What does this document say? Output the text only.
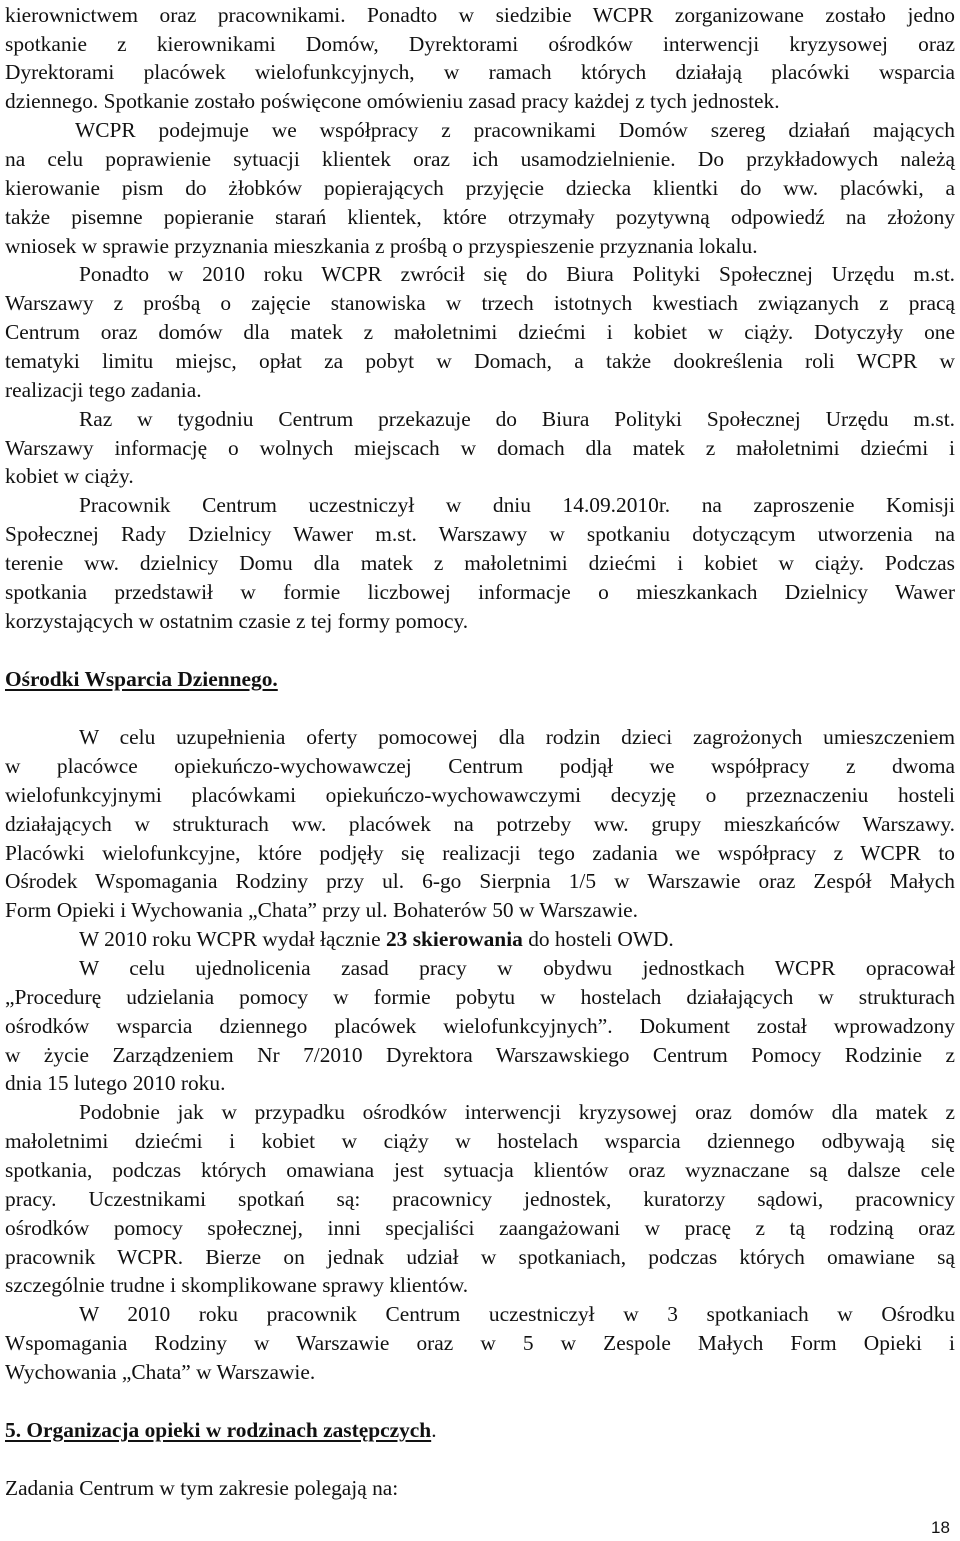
kierownictwem oraz pracownikami. Ponadto w siedzibie WCPR zorganizowane zostało jedno
spotkanie z kierownikami Domów, Dyrektorami ośrodków interwencji kryzysowej oraz
Dyrektorami placówek wielofunkcyjnych, w ramach których działają placówki wsparcia
dziennego. Spotkanie zostało poświęcone omówieniu zasad pracy każdej z tych jednostek.
WCPR podejmuje we współpracy z pracownikami Domów szereg działań mających
na celu poprawienie sytuacji klientek oraz ich usamodzielnienie. Do przykładowych należą
kierowanie pism do żłobków popierających przyjęcie dziecka klientki do ww. placówki, a
także pisemne popieranie starań klientek, które otrzymały pozytywną odpowiedź na złożony
wniosek w sprawie przyznania mieszkania z prośbą o przyspieszenie przyznania lokalu.
Ponadto w 2010 roku WCPR zwrócił się do Biura Polityki Społecznej Urzędu m.st.
Warszawy z prośbą o zajęcie stanowiska w trzech istotnych kwestiach związanych z pracą
Centrum oraz domów dla matek z małoletnimi dziećmi i kobiet w ciąży. Dotyczyły one
tematyki limitu miejsc, opłat za pobyt w Domach, a także dookreślenia roli WCPR w
realizacji tego zadania.
Raz w tygodniu Centrum przekazuje do Biura Polityki Społecznej Urzędu m.st.
Warszawy informację o wolnych miejscach w domach dla matek z małoletnimi dziećmi i
kobiet w ciąży.
Pracownik Centrum uczestniczył w dniu 14.09.2010r. na zaproszenie Komisji
Społecznej Rady Dzielnicy Wawer m.st. Warszawy w spotkaniu dotyczącym utworzenia na
terenie ww. dzielnicy Domu dla matek z małoletnimi dziećmi i kobiet w ciąży. Podczas
spotkania przedstawił w formie liczbowej informacje o mieszkankach Dzielnicy Wawer
korzystających w ostatnim czasie z tej formy pomocy.
Ośrodki Wsparcia Dziennego.
W celu uzupełnienia oferty pomocowej dla rodzin dzieci zagrożonych umieszczeniem
w placówce opiekuńczo-wychowawczej Centrum podjął we współpracy z dwoma
wielofunkcyjnymi placówkami opiekuńczo-wychowawczymi decyzję o przeznaczeniu hosteli
działających w strukturach ww. placówek na potrzeby ww. grupy mieszkańców Warszawy.
Placówki wielofunkcyjne, które podjęły się realizacji tego zadania we współpracy z WCPR to
Ośrodek Wspomagania Rodziny przy ul. 6-go Sierpnia 1/5 w Warszawie oraz Zespół Małych
Form Opieki i Wychowania „Chata” przy ul. Bohaterów 50 w Warszawie.
W 2010 roku WCPR wydał łącznie 23 skierowania do hosteli OWD.
W celu ujednolicenia zasad pracy w obydwu jednostkach WCPR opracował
„Procedurę udzielania pomocy w formie pobytu w hostelach działających w strukturach
ośrodków wsparcia dziennego placówek wielofunkcyjnych”. Dokument został wprowadzony
w życie Zarządzeniem Nr 7/2010 Dyrektora Warszawskiego Centrum Pomocy Rodzinie z
dnia 15 lutego 2010 roku.
Podobnie jak w przypadku ośrodków interwencji kryzysowej oraz domów dla matek z
małoletnimi dziećmi i kobiet w ciąży w hostelach wsparcia dziennego odbywają się
spotkania, podczas których omawiana jest sytuacja klientów oraz wyznaczane są dalsze cele
pracy. Uczestnikami spotkań są: pracownicy jednostek, kuratorzy sądowi, pracownicy
ośrodków pomocy społecznej, inni specjaliści zaangażowani w pracę z tą rodziną oraz
pracownik WCPR. Bierze on jednak udział w spotkaniach, podczas których omawiane są
szczególnie trudne i skomplikowane sprawy klientów.
W 2010 roku pracownik Centrum uczestniczył w 3 spotkaniach w Ośrodku
Wspomagania Rodziny w Warszawie oraz w 5 w Zespole Małych Form Opieki i
Wychowania „Chata” w Warszawie.
5. Organizacja opieki w rodzinach zastępczych.
Zadania Centrum w tym zakresie polegają na:
18
